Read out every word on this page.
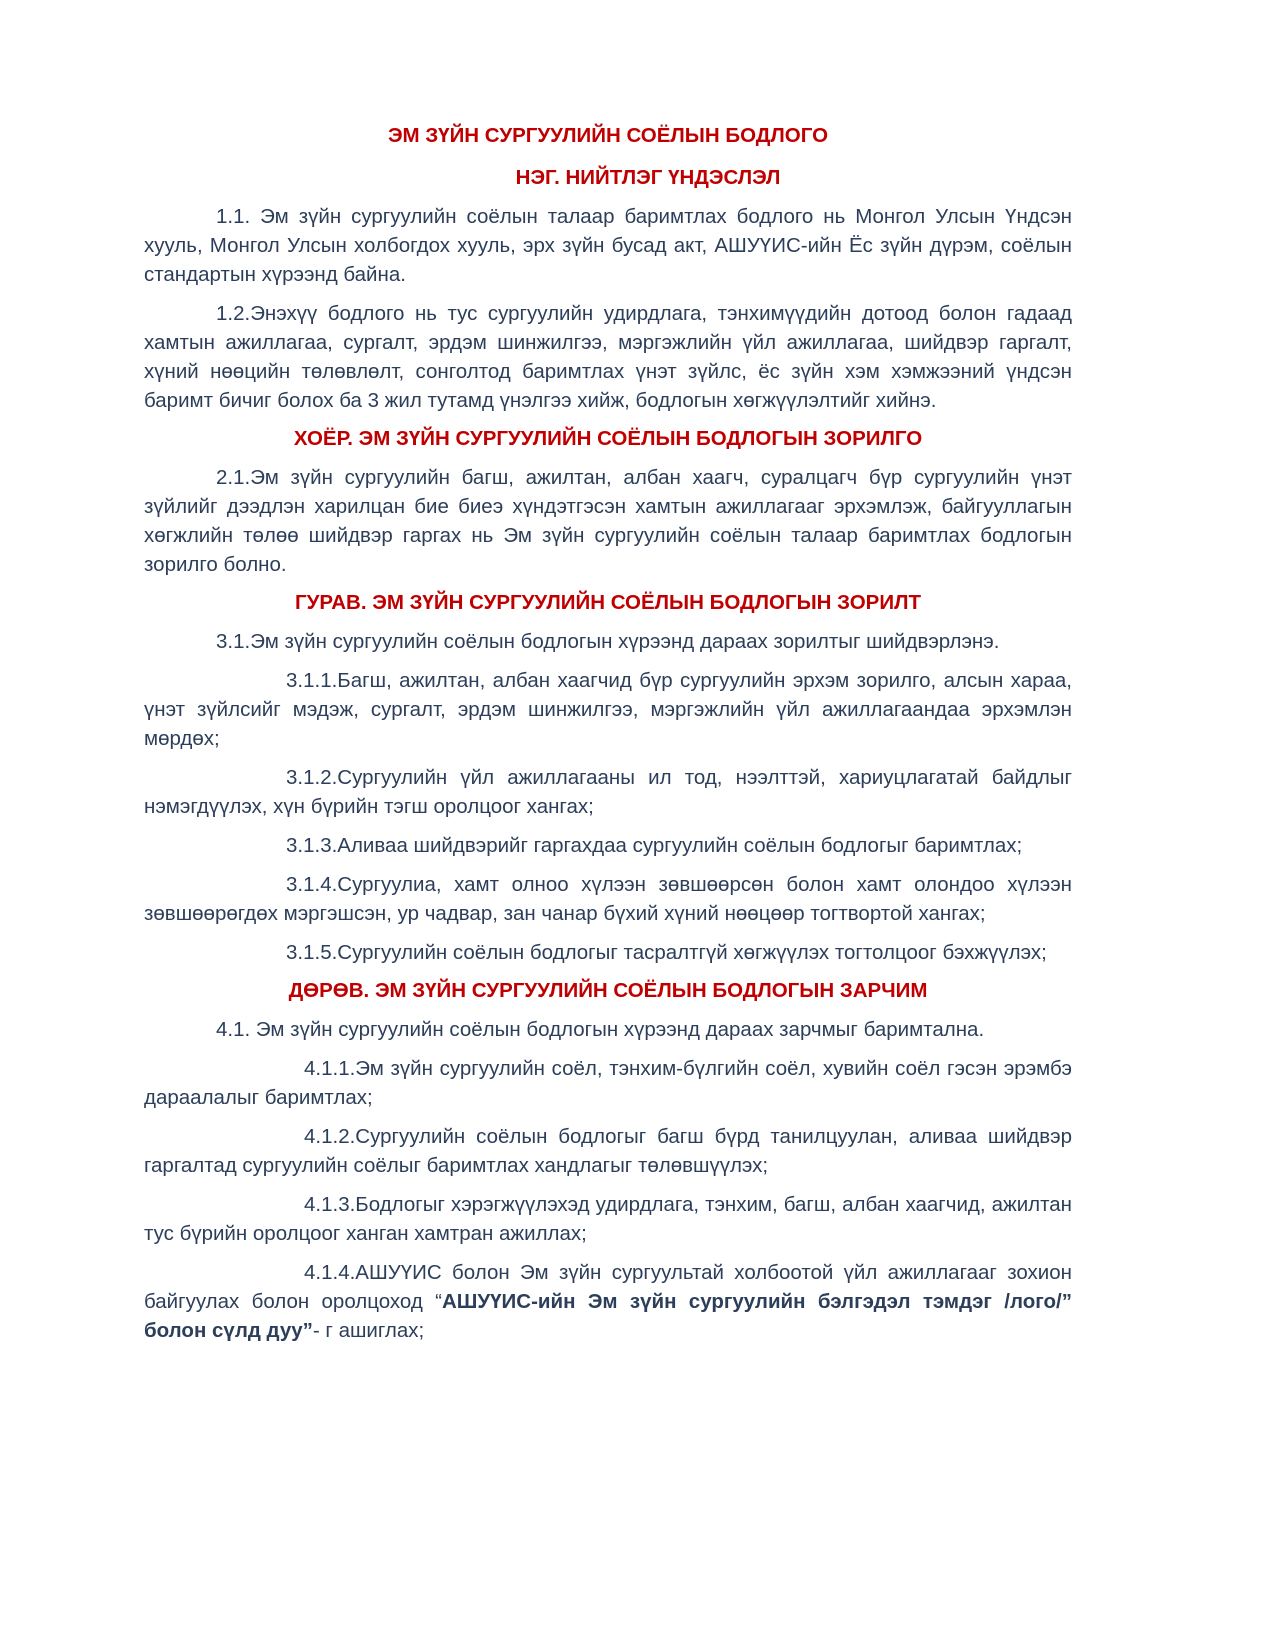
ЭМ ЗҮЙН СУРГУУЛИЙН СОЁЛЫН БОДЛОГО
НЭГ. НИЙТЛЭГ ҮНДЭСЛЭЛ
1.1. Эм зүйн сургуулийн соёлын талаар баримтлах бодлого нь Монгол Улсын Үндсэн хууль, Монгол Улсын холбогдох хууль, эрх зүйн бусад акт, АШУҮИС-ийн Ёс зүйн дүрэм, соёлын стандартын хүрээнд байна.
1.2.Энэхүү бодлого нь тус сургуулийн удирдлага, тэнхимүүдийн дотоод болон гадаад хамтын ажиллагаа, сургалт, эрдэм шинжилгээ, мэргэжлийн үйл ажиллагаа, шийдвэр гаргалт, хүний нөөцийн төлөвлөлт, сонголтод баримтлах үнэт зүйлс, ёс зүйн хэм хэмжээний үндсэн баримт бичиг болох ба 3 жил тутамд үнэлгээ хийж, бодлогын хөгжүүлэлтийг хийнэ.
ХОЁР. ЭМ ЗҮЙН СУРГУУЛИЙН СОЁЛЫН БОДЛОГЫН ЗОРИЛГО
2.1.Эм зүйн сургуулийн багш, ажилтан, албан хаагч, суралцагч бүр сургуулийн үнэт зүйлийг дээдлэн харилцан бие биеэ хүндэтгэсэн хамтын ажиллагааг эрхэмлэж, байгууллагын хөгжлийн төлөө шийдвэр гаргах нь Эм зүйн сургуулийн соёлын талаар баримтлах бодлогын зорилго болно.
ГУРАВ. ЭМ ЗҮЙН СУРГУУЛИЙН СОЁЛЫН БОДЛОГЫН ЗОРИЛТ
3.1.Эм зүйн сургуулийн соёлын бодлогын хүрээнд дараах зорилтыг шийдвэрлэнэ.
3.1.1.Багш, ажилтан, албан хаагчид бүр сургуулийн эрхэм зорилго, алсын хараа, үнэт зүйлсийг мэдэж, сургалт, эрдэм шинжилгээ, мэргэжлийн үйл ажиллагаандаа эрхэмлэн мөрдөх;
3.1.2.Сургуулийн үйл ажиллагааны ил тод, нээлттэй, хариуцлагатай байдлыг нэмэгдүүлэх, хүн бүрийн тэгш оролцоог хангах;
3.1.3.Аливаа шийдвэрийг гаргахдаа сургуулийн соёлын бодлогыг баримтлах;
3.1.4.Сургуулиа, хамт олноо хүлээн зөвшөөрсөн болон хамт олондоо хүлээн зөвшөөрөгдөх мэргэшсэн, ур чадвар, зан чанар бүхий хүний нөөцөөр тогтвортой хангах;
3.1.5.Сургуулийн соёлын бодлогыг тасралтгүй хөгжүүлэх тогтолцоог бэхжүүлэх;
ДӨРӨВ. ЭМ ЗҮЙН СУРГУУЛИЙН СОЁЛЫН БОДЛОГЫН ЗАРЧИМ
4.1. Эм зүйн сургуулийн соёлын бодлогын хүрээнд дараах зарчмыг баримтална.
4.1.1.Эм зүйн сургуулийн соёл, тэнхим-бүлгийн соёл, хувийн соёл гэсэн эрэмбэ дараалалыг баримтлах;
4.1.2.Сургуулийн соёлын бодлогыг багш бүрд танилцуулан, аливаа шийдвэр гаргалтад сургуулийн соёлыг баримтлах хандлагыг төлөвшүүлэх;
4.1.3.Бодлогыг хэрэгжүүлэхэд удирдлага, тэнхим, багш, албан хаагчид, ажилтан тус бүрийн оролцоог ханган хамтран ажиллах;
4.1.4.АШУҮИС болон Эм зүйн сургуультай холбоотой үйл ажиллагааг зохион байгуулах болон оролцоход “АШУҮИС-ийн Эм зүйн сургуулийн бэлгэдэл тэмдэг /лого/” болон сүлд дуу”- г ашиглах;
